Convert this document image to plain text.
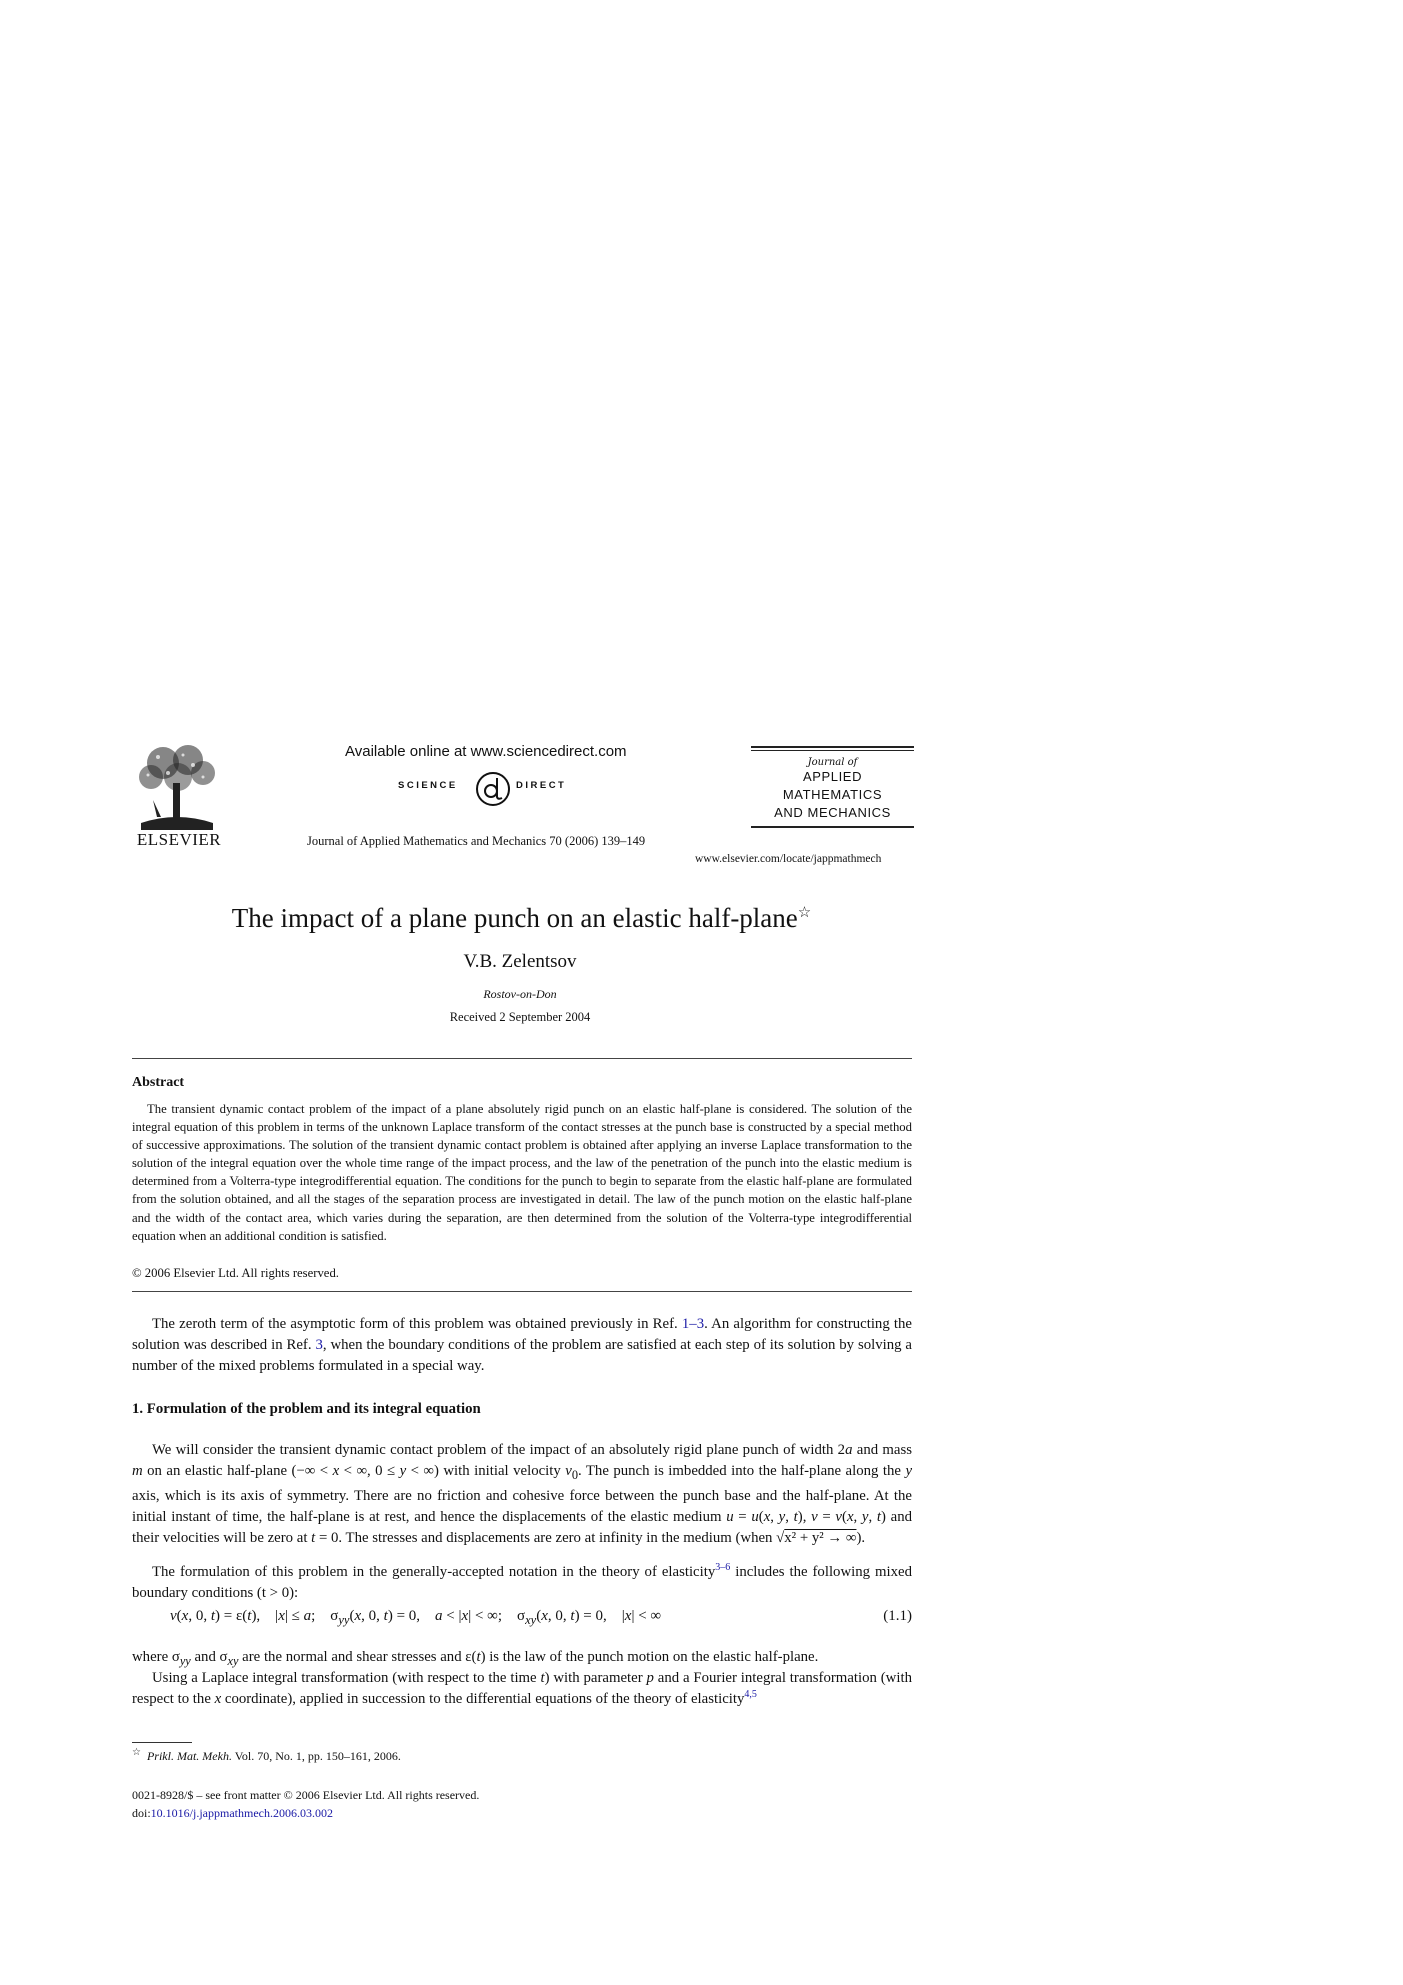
ELSEVIER
Available online at www.sciencedirect.com
SCIENCE	DIRECT
Journal of Applied Mathematics and Mechanics 70 (2006) 139–149
Journal of
APPLIED
MATHEMATICS
AND MECHANICS
www.elsevier.com/locate/jappmathmech
The impact of a plane punch on an elastic half-plane☆
V.B. Zelentsov
Rostov-on-Don
Received 2 September 2004
Abstract
The transient dynamic contact problem of the impact of a plane absolutely rigid punch on an elastic half-plane is considered. The solution of the integral equation of this problem in terms of the unknown Laplace transform of the contact stresses at the punch base is constructed by a special method of successive approximations. The solution of the transient dynamic contact problem is obtained after applying an inverse Laplace transformation to the solution of the integral equation over the whole time range of the impact process, and the law of the penetration of the punch into the elastic medium is determined from a Volterra-type integrodifferential equation. The conditions for the punch to begin to separate from the elastic half-plane are formulated from the solution obtained, and all the stages of the separation process are investigated in detail. The law of the punch motion on the elastic half-plane and the width of the contact area, which varies during the separation, are then determined from the solution of the Volterra-type integrodifferential equation when an additional condition is satisfied.
© 2006 Elsevier Ltd. All rights reserved.
The zeroth term of the asymptotic form of this problem was obtained previously in Ref. 1–3. An algorithm for constructing the solution was described in Ref. 3, when the boundary conditions of the problem are satisfied at each step of its solution by solving a number of the mixed problems formulated in a special way.
1. Formulation of the problem and its integral equation
We will consider the transient dynamic contact problem of the impact of an absolutely rigid plane punch of width 2a and mass m on an elastic half-plane (−∞ < x < ∞, 0 ≤ y < ∞) with initial velocity $v_0$. The punch is imbedded into the half-plane along the y axis, which is its axis of symmetry. There are no friction and cohesive force between the punch base and the half-plane. At the initial instant of time, the half-plane is at rest, and hence the displacements of the elastic medium u = u(x, y, t), v = v(x, y, t) and their velocities will be zero at t = 0. The stresses and displacements are zero at infinity in the medium (when √x² + y² → ∞).
The formulation of this problem in the generally-accepted notation in the theory of elasticity$^{3-6}$ includes the following mixed boundary conditions (t > 0):
v(x, 0, t) = ε(t),    |x| ≤ a;    $\sigma_{yy}(x$, 0, t) = 0,    a < |x| < ∞;    $\sigma_{xy}(x$, 0, t) = 0,    |x| < ∞	(1.1)
where $\sigma_{yy}$ and $\sigma_{xy}$ are the normal and shear stresses and ε(t) is the law of the punch motion on the elastic half-plane.
Using a Laplace integral transformation (with respect to the time t) with parameter p and a Fourier integral transformation (with respect to the x coordinate), applied in succession to the differential equations of the theory of elasticity$^{4,5}$
☆ Prikl. Mat. Mekh. Vol. 70, No. 1, pp. 150–161, 2006.
0021-8928/$ – see front matter © 2006 Elsevier Ltd. All rights reserved.
doi:10.1016/j.jappmathmech.2006.03.002
